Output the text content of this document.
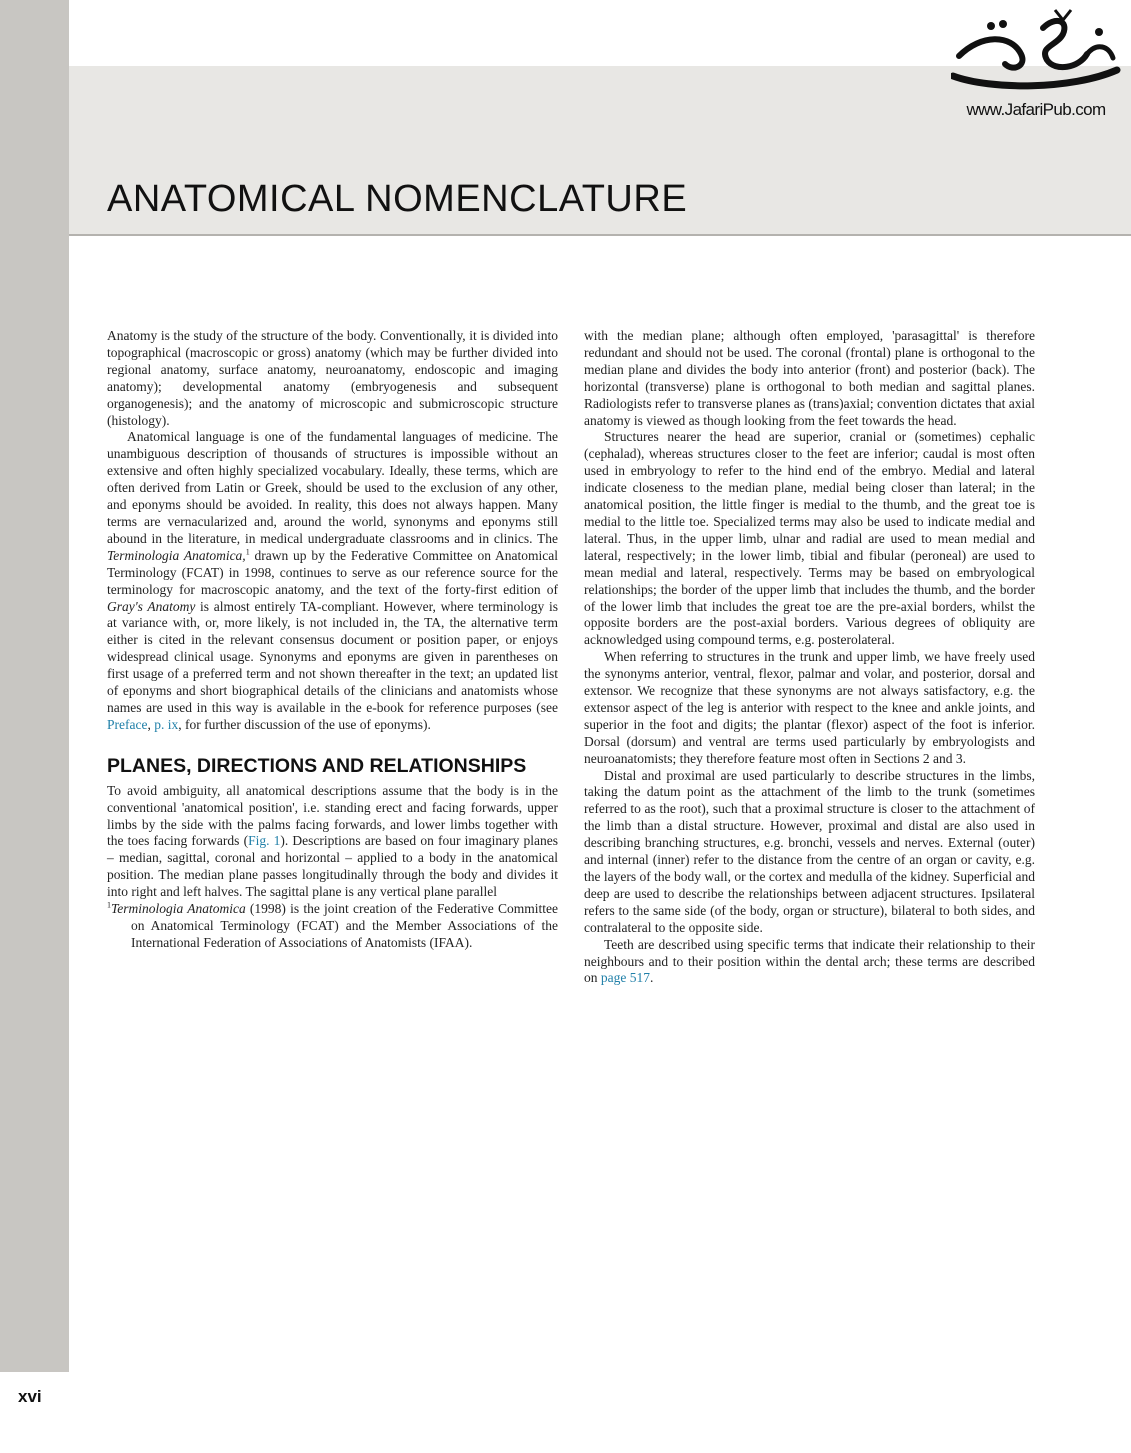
www.JafariPub.com
ANATOMICAL NOMENCLATURE

Anatomy is the study of the structure of the body. Conventionally, it is divided into topographical (macroscopic or gross) anatomy (which may be further divided into regional anatomy, surface anatomy, neuroanatomy, endoscopic and imaging anatomy); developmental anatomy (embryogenesis and subsequent organogenesis); and the anatomy of microscopic and submicroscopic structure (histology).

Anatomical language is one of the fundamental languages of medicine. The unambiguous description of thousands of structures is impossible without an extensive and often highly specialized vocabulary. Ideally, these terms, which are often derived from Latin or Greek, should be used to the exclusion of any other, and eponyms should be avoided. In reality, this does not always happen. Many terms are vernacularized and, around the world, synonyms and eponyms still abound in the literature, in medical undergraduate classrooms and in clinics. The Terminologia Anatomica,$^1$ drawn up by the Federative Committee on Anatomical Terminology (FCAT) in 1998, continues to serve as our reference source for the terminology for macroscopic anatomy, and the text of the forty-first edition of Gray's Anatomy is almost entirely TA-compliant. However, where terminology is at variance with, or, more likely, is not included in, the TA, the alternative term either is cited in the relevant consensus document or position paper, or enjoys widespread clinical usage. Synonyms and eponyms are given in parentheses on first usage of a preferred term and not shown thereafter in the text; an updated list of eponyms and short biographical details of the clinicians and anatomists whose names are used in this way is available in the e-book for reference purposes (see Preface, p. ix, for further discussion of the use of eponyms).

PLANES, DIRECTIONS AND RELATIONSHIPS

To avoid ambiguity, all anatomical descriptions assume that the body is in the conventional 'anatomical position', i.e. standing erect and facing forwards, upper limbs by the side with the palms facing forwards, and lower limbs together with the toes facing forwards (Fig. 1). Descriptions are based on four imaginary planes – median, sagittal, coronal and horizontal – applied to a body in the anatomical position. The median plane passes longitudinally through the body and divides it into right and left halves. The sagittal plane is any vertical plane parallel

$^1$Terminologia Anatomica (1998) is the joint creation of the Federative Committee on Anatomical Terminology (FCAT) and the Member Associations of the International Federation of Associations of Anatomists (IFAA).

with the median plane; although often employed, 'parasagittal' is therefore redundant and should not be used. The coronal (frontal) plane is orthogonal to the median plane and divides the body into anterior (front) and posterior (back). The horizontal (transverse) plane is orthogonal to both median and sagittal planes. Radiologists refer to transverse planes as (trans)axial; convention dictates that axial anatomy is viewed as though looking from the feet towards the head.

Structures nearer the head are superior, cranial or (sometimes) cephalic (cephalad), whereas structures closer to the feet are inferior; caudal is most often used in embryology to refer to the hind end of the embryo. Medial and lateral indicate closeness to the median plane, medial being closer than lateral; in the anatomical position, the little finger is medial to the thumb, and the great toe is medial to the little toe. Specialized terms may also be used to indicate medial and lateral. Thus, in the upper limb, ulnar and radial are used to mean medial and lateral, respectively; in the lower limb, tibial and fibular (peroneal) are used to mean medial and lateral, respectively. Terms may be based on embryological relationships; the border of the upper limb that includes the thumb, and the border of the lower limb that includes the great toe are the pre-axial borders, whilst the opposite borders are the post-axial borders. Various degrees of obliquity are acknowledged using compound terms, e.g. posterolateral.

When referring to structures in the trunk and upper limb, we have freely used the synonyms anterior, ventral, flexor, palmar and volar, and posterior, dorsal and extensor. We recognize that these synonyms are not always satisfactory, e.g. the extensor aspect of the leg is anterior with respect to the knee and ankle joints, and superior in the foot and digits; the plantar (flexor) aspect of the foot is inferior. Dorsal (dorsum) and ventral are terms used particularly by embryologists and neuroanatomists; they therefore feature most often in Sections 2 and 3.

Distal and proximal are used particularly to describe structures in the limbs, taking the datum point as the attachment of the limb to the trunk (sometimes referred to as the root), such that a proximal structure is closer to the attachment of the limb than a distal structure. However, proximal and distal are also used in describing branching structures, e.g. bronchi, vessels and nerves. External (outer) and internal (inner) refer to the distance from the centre of an organ or cavity, e.g. the layers of the body wall, or the cortex and medulla of the kidney. Superficial and deep are used to describe the relationships between adjacent structures. Ipsilateral refers to the same side (of the body, organ or structure), bilateral to both sides, and contralateral to the opposite side.

Teeth are described using specific terms that indicate their relationship to their neighbours and to their position within the dental arch; these terms are described on page 517.

xvi
